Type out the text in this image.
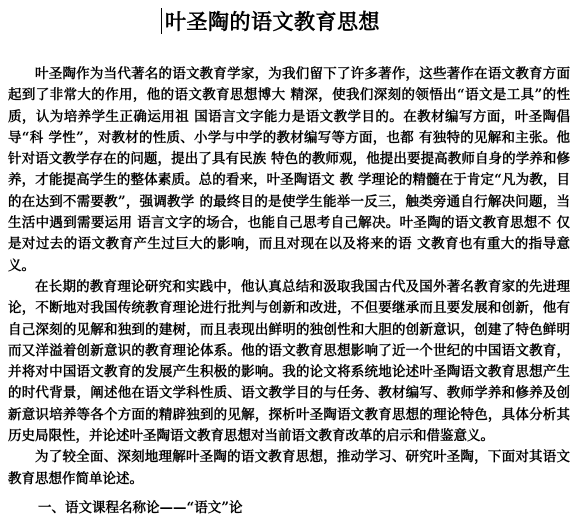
叶圣陶的语文教育思想

叶圣陶作为当代著名的语文教育学家，为我们留下了许多著作，这些著作在语文教育方面起到了非常大的作用，他的语文教育思想博大 精深，使我们深刻的领悟出“语文是工具”的性质，认为培养学生正确运用祖 国语言文字能力是语文教学目的。在教材编写方面，叶圣陶倡导“科 学性”，对教材的性质、小学与中学的教材编写等方面，也都 有独特的见解和主张。他针对语文教学存在的问题，提出了具有民族 特色的教师观，他提出要提高教师自身的学养和修养，才能提高学生的整体素质。总的看来，叶圣陶语文 教 学理论的精髓在于肯定“凡为教，目的在达到不需要教”，强调教学 的最终目的是使学生能举一反三，触类旁通自行解决问题，当生活中遇到需要运用 语言文字的场合，也能自己思考自己解决。叶圣陶的语文教育思想不 仅是对过去的语文教育产生过巨大的影响，而且对现在以及将来的语 文教育也有重大的指导意义。

在长期的教育理论研究和实践中，他认真总结和汲取我国古代及国外著名教育家的先进理论，不断地对我国传统教育理论进行批判与创新和改进，不但要继承而且要发展和创新，他有自己深刻的见解和独到的建树，而且表现出鲜明的独创性和大胆的创新意识，创建了特色鲜明而又洋溢着创新意识的教育理论体系。他的语文教育思想影响了近一个世纪的中国语文教育，并将对中国语文教育的发展产生积极的影响。我的论文将系统地论述叶圣陶语文教育思想产生的时代背景，阐述他在语文学科性质、语文教学目的与任务、教材编写、教师学养和修养及创新意识培养等各个方面的精辟独到的见解，探析叶圣陶语文教育思想的理论特色，具体分析其历史局限性，并论述叶圣陶语文教育思想对当前语文教育改革的启示和借鉴意义。

为了较全面、深刻地理解叶圣陶的语文教育思想，推动学习、研究叶圣陶，下面对其语文教育思想作简单论述。

一、语文课程名称论——“语文”论
